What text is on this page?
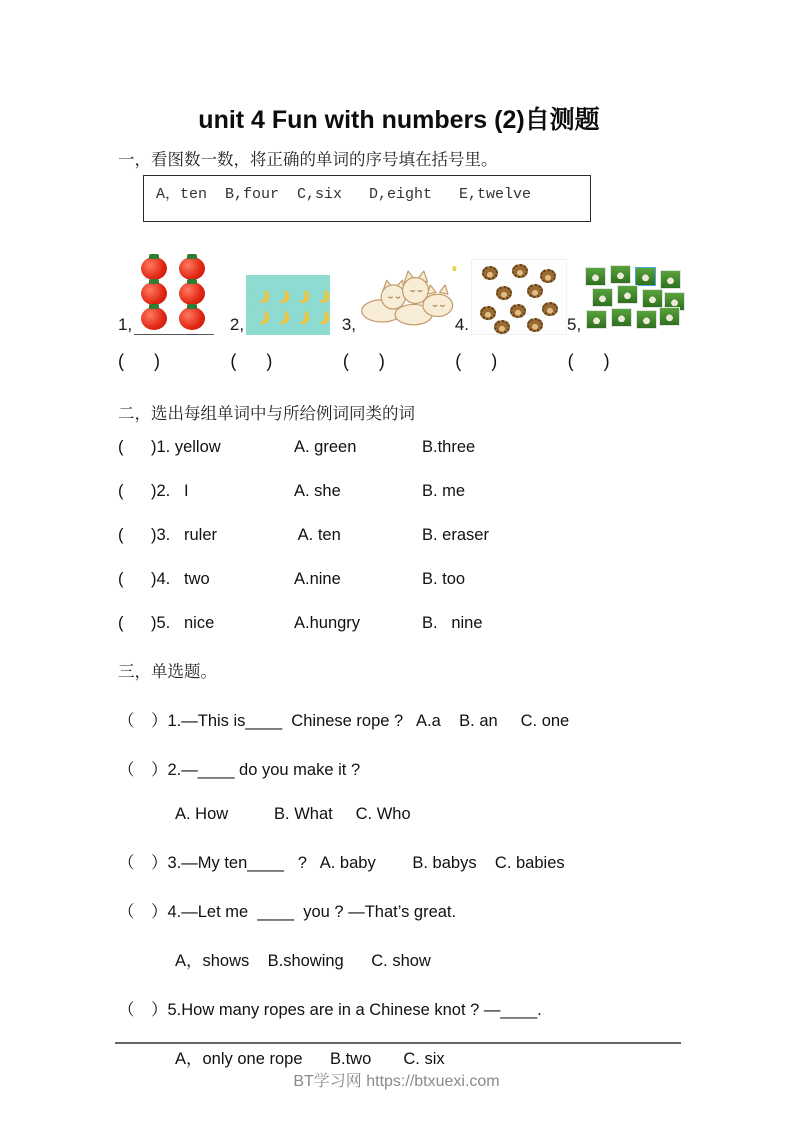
unit 4 Fun with numbers (2)自测题
一，看图数一数，将正确的单词的序号填在括号里。
A，ten  B,four  C,six   D,eight   E,twelve
1,	2,	3,	4.	5,
(      )	(      )	(      )	(      )	(      )
二，选出每组单词中与所给例词同类的词
(      )1. yellow	A. green	B.three
(      )2.   I	A. she	B. me
(      )3.   ruler	A. ten	B. eraser
(      )4.   two	A.nine	B. too
(      )5.   nice	A.hungry	B.   nine
三，单选题。
（　）1.—This is____  Chinese rope ?   A.a    B. an     C. one
（　）2.—____ do you make it ?
A. How          B. What     C. Who
（　）3.—My ten____   ?   A. baby        B. babys    C. babies
（　）4.—Let me  ____  you ? —That’s great.
A，shows    B.showing      C. show
（　）5.How many ropes are in a Chinese knot ? —____.
A，only one rope      B.two       C. six
BT学习网 https://btxuexi.com
